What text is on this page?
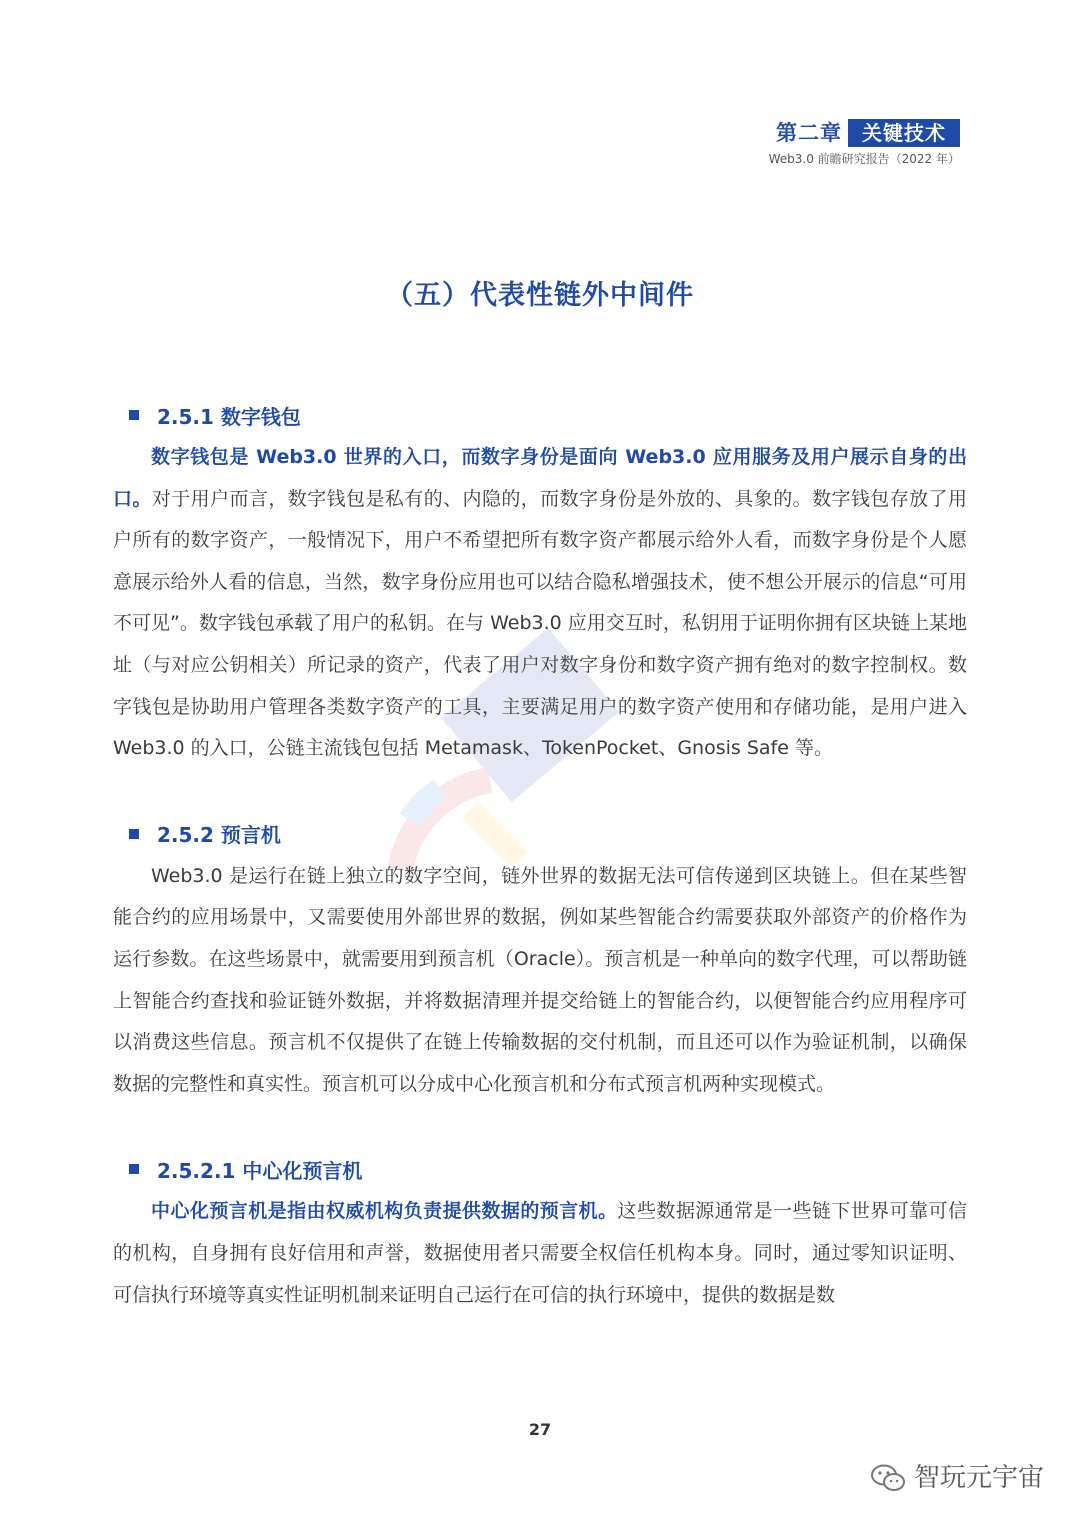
第二章	关键技术
Web3.0 前瞻研究报告（2022 年）
（五）代表性链外中间件
2.5.1 数字钱包

数字钱包是 Web3.0 世界的入口，而数字身份是面向 Web3.0 应用服务及用户展示自身的出口。对于用户而言，数字钱包是私有的、内隐的，而数字身份是外放的、具象的。数字钱包存放了用户所有的数字资产，一般情况下，用户不希望把所有数字资产都展示给外人看，而数字身份是个人愿意展示给外人看的信息，当然，数字身份应用也可以结合隐私增强技术，使不想公开展示的信息“可用不可见”。数字钱包承载了用户的私钥。在与 Web3.0 应用交互时，私钥用于证明你拥有区块链上某地址（与对应公钥相关）所记录的资产，代表了用户对数字身份和数字资产拥有绝对的数字控制权。数字钱包是协助用户管理各类数字资产的工具，主要满足用户的数字资产使用和存储功能，是用户进入 Web3.0 的入口，公链主流钱包包括 Metamask、TokenPocket、Gnosis Safe 等。

2.5.2 预言机

Web3.0 是运行在链上独立的数字空间，链外世界的数据无法可信传递到区块链上。但在某些智能合约的应用场景中，又需要使用外部世界的数据，例如某些智能合约需要获取外部资产的价格作为运行参数。在这些场景中，就需要用到预言机（Oracle）。预言机是一种单向的数字代理，可以帮助链上智能合约查找和验证链外数据，并将数据清理并提交给链上的智能合约，以便智能合约应用程序可以消费这些信息。预言机不仅提供了在链上传输数据的交付机制，而且还可以作为验证机制，以确保数据的完整性和真实性。预言机可以分成中心化预言机和分布式预言机两种实现模式。

2.5.2.1 中心化预言机

中心化预言机是指由权威机构负责提供数据的预言机。这些数据源通常是一些链下世界可靠可信的机构，自身拥有良好信用和声誉，数据使用者只需要全权信任机构本身。同时，通过零知识证明、可信执行环境等真实性证明机制来证明自己运行在可信的执行环境中，提供的数据是数

27
智玩元宇宙
